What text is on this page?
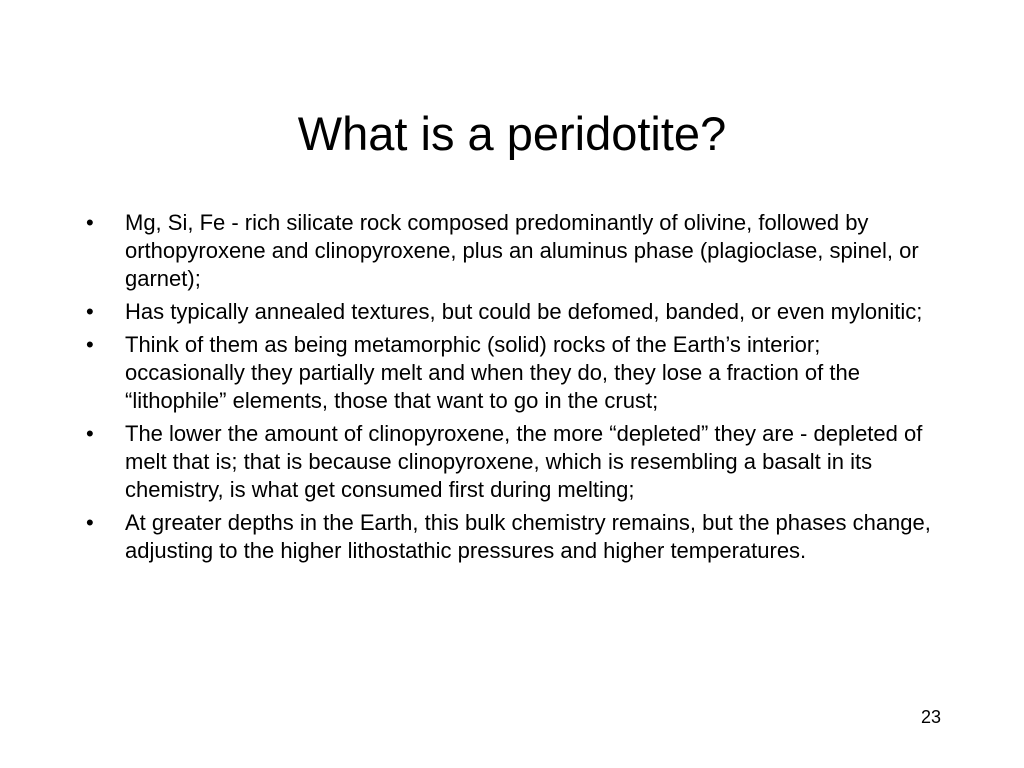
What is a peridotite?
• Mg, Si, Fe - rich silicate rock composed predominantly of olivine, followed by orthopyroxene and clinopyroxene, plus an aluminus phase (plagioclase, spinel, or garnet);
• Has typically annealed textures, but could be defomed, banded, or even mylonitic;
• Think of them as being metamorphic (solid) rocks of the Earth’s interior; occasionally they partially melt and when they do, they lose a fraction of the “lithophile” elements, those that want to go in the crust;
• The lower the amount of clinopyroxene, the more “depleted” they are - depleted of melt that is; that is because clinopyroxene, which is resembling a basalt in its chemistry, is what get consumed first during melting;
• At greater depths in the Earth, this bulk chemistry remains, but the phases change, adjusting to the higher lithostathic pressures and higher temperatures.
23
